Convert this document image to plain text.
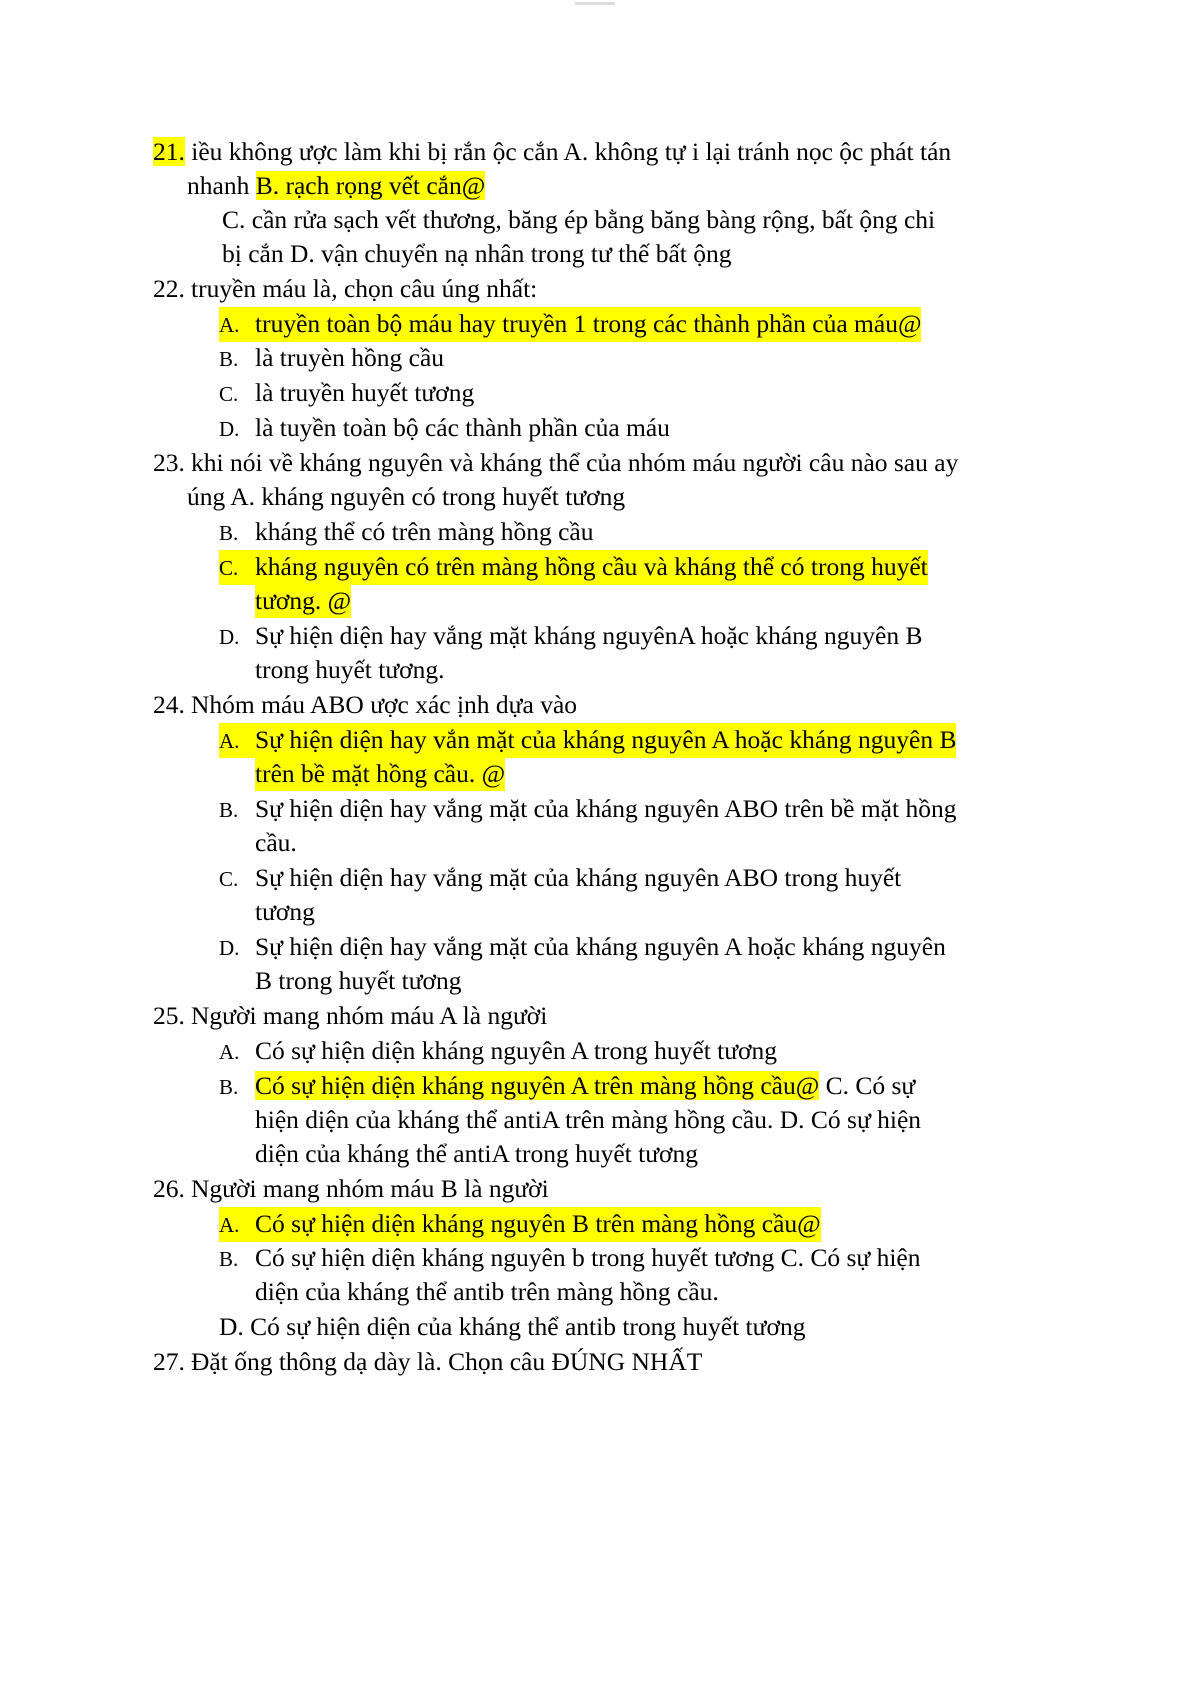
21. iều không ược làm khi bị rắn ộc cắn A. không tự i lại tránh nọc ộc phát tán
nhanh B. rạch rọng vết cắn@
C. cần rửa sạch vết thương, băng ép bằng băng bàng rộng, bất ộng chi
bị cắn D. vận chuyển nạ nhân trong tư thế bất ộng
22. truyền máu là, chọn câu úng nhất:
A. truyền toàn bộ máu hay truyền 1 trong các thành phần của máu@
B. là truyèn hồng cầu
C. là truyền huyết tương
D. là tuyền toàn bộ các thành phần của máu
23. khi nói về kháng nguyên và kháng thể của nhóm máu người câu nào sau ay
úng A. kháng nguyên có trong huyết tương
B. kháng thể có trên màng hồng cầu
C. kháng nguyên có trên màng hồng cầu và kháng thể có trong huyết
tương. @
D. Sự hiện diện hay vắng mặt kháng nguyênA hoặc kháng nguyên B
trong huyết tương.
24. Nhóm máu ABO ược xác ịnh dựa vào
A. Sự hiện diện hay vắn mặt của kháng nguyên A hoặc kháng nguyên B
trên bề mặt hồng cầu. @
B. Sự hiện diện hay vắng mặt của kháng nguyên ABO trên bề mặt hồng
cầu.
C. Sự hiện diện hay vắng mặt của kháng nguyên ABO trong huyết
tương
D. Sự hiện diện hay vắng mặt của kháng nguyên A hoặc kháng nguyên
B trong huyết tương
25. Người mang nhóm máu A là người
A. Có sự hiện diện kháng nguyên A trong huyết tương
B. Có sự hiện diện kháng nguyên A trên màng hồng cầu@ C. Có sự
hiện diện của kháng thể antiA trên màng hồng cầu. D. Có sự hiện
diện của kháng thể antiA trong huyết tương
26. Người mang nhóm máu B là người
A. Có sự hiện diện kháng nguyên B trên màng hồng cầu@
B. Có sự hiện diện kháng nguyên b trong huyết tương C. Có sự hiện
diện của kháng thể antib trên màng hồng cầu.
D. Có sự hiện diện của kháng thể antib trong huyết tương
27. Đặt ống thông dạ dày là. Chọn câu ĐÚNG NHẤT
